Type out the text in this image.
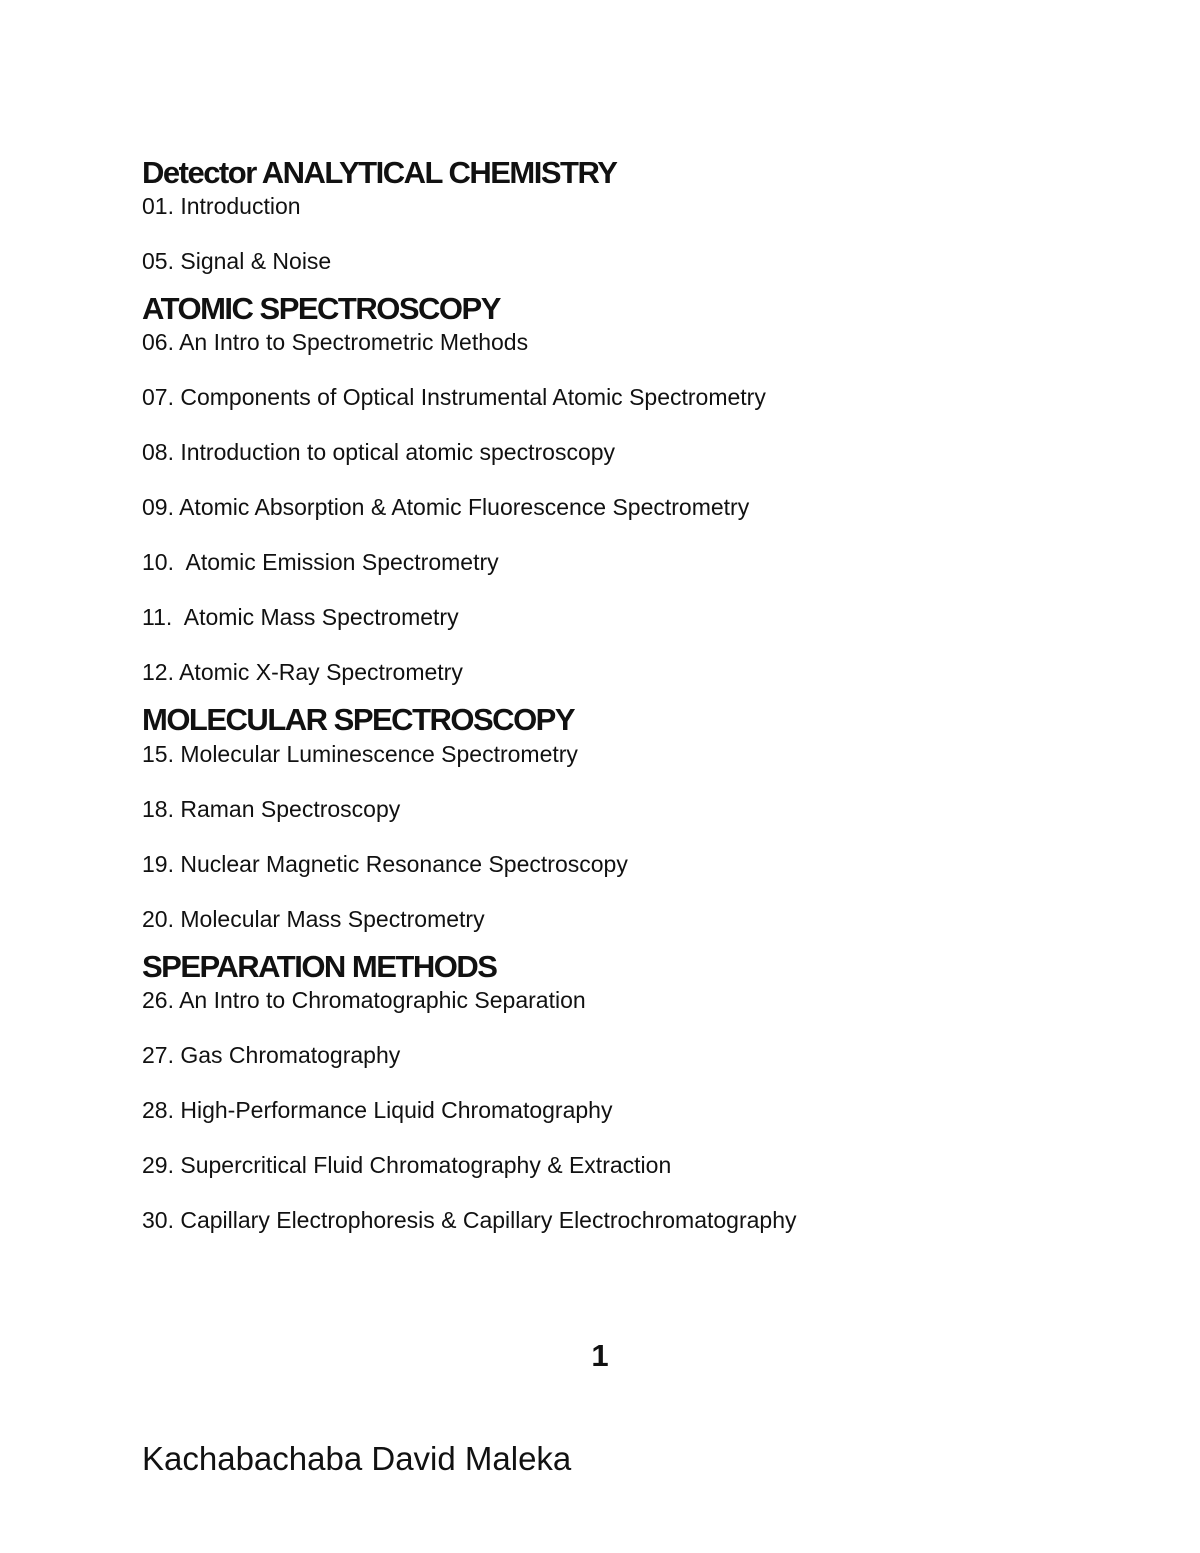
Detector ANALYTICAL CHEMISTRY

01. Introduction

05. Signal & Noise

ATOMIC SPECTROSCOPY

06. An Intro to Spectrometric Methods

07. Components of Optical Instrumental Atomic Spectrometry

08. Introduction to optical atomic spectroscopy

09. Atomic Absorption & Atomic Fluorescence Spectrometry

10.  Atomic Emission Spectrometry

11.  Atomic Mass Spectrometry

12. Atomic X-Ray Spectrometry

MOLECULAR SPECTROSCOPY

15. Molecular Luminescence Spectrometry

18. Raman Spectroscopy

19. Nuclear Magnetic Resonance Spectroscopy

20. Molecular Mass Spectrometry

SPEPARATION METHODS

26. An Intro to Chromatographic Separation

27. Gas Chromatography

28. High-Performance Liquid Chromatography

29. Supercritical Fluid Chromatography & Extraction

30. Capillary Electrophoresis & Capillary Electrochromatography

1

Kachabachaba David Maleka
